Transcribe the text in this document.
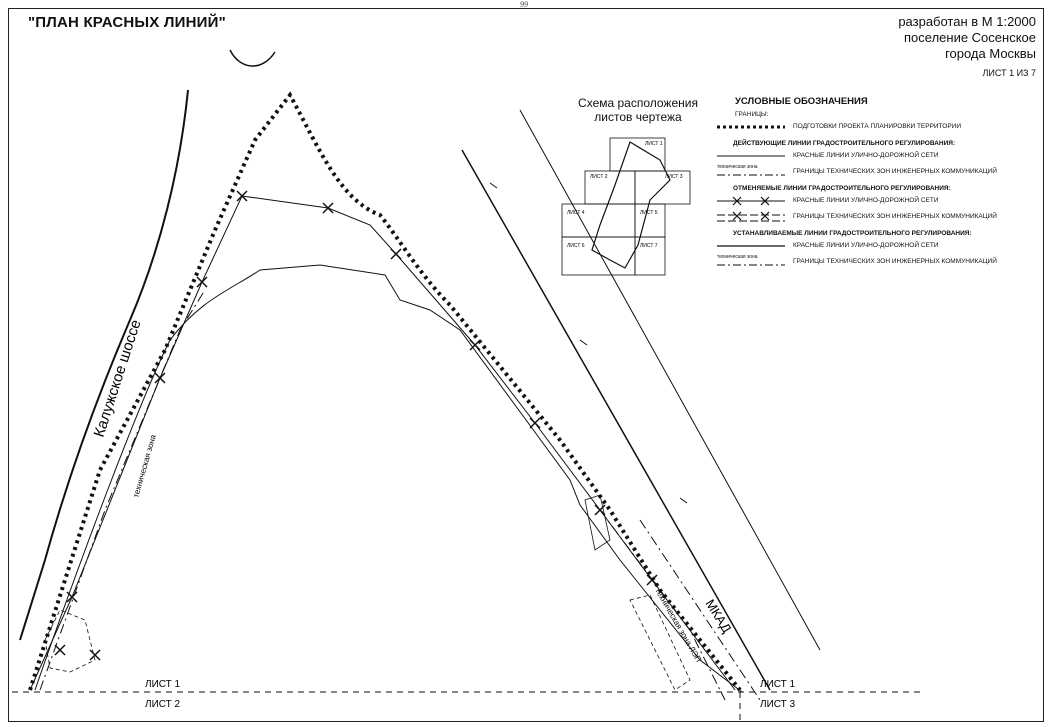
99
"ПЛАН КРАСНЫХ ЛИНИЙ"	разработан в М 1:2000
поселение Сосенское
города Москвы
ЛИСТ 1 ИЗ 7
Калужское шоссе
техническая зона
МКАД
техническая зона ЛЭП
ЛИСТ 1
ЛИСТ 2
ЛИСТ 1
ЛИСТ 3
ЛИСТ 1
ЛИСТ 2	ЛИСТ 3
ЛИСТ 4	ЛИСТ 5
ЛИСТ 6	ЛИСТ 7
Схема расположения
листов чертежа
УСЛОВНЫЕ ОБОЗНАЧЕНИЯ
ГРАНИЦЫ:
ПОДГОТОВКИ ПРОЕКТА ПЛАНИРОВКИ ТЕРРИТОРИИ
ДЕЙСТВУЮЩИЕ ЛИНИИ ГРАДОСТРОИТЕЛЬНОГО РЕГУЛИРОВАНИЯ:
КРАСНЫЕ ЛИНИИ УЛИЧНО-ДОРОЖНОЙ СЕТИ
техническая зона
ГРАНИЦЫ ТЕХНИЧЕСКИХ ЗОН ИНЖЕНЕРНЫХ КОММУНИКАЦИЙ
ОТМЕНЯЕМЫЕ ЛИНИИ ГРАДОСТРОИТЕЛЬНОГО РЕГУЛИРОВАНИЯ:
КРАСНЫЕ ЛИНИИ УЛИЧНО-ДОРОЖНОЙ СЕТИ
ГРАНИЦЫ ТЕХНИЧЕСКИХ ЗОН ИНЖЕНЕРНЫХ КОММУНИКАЦИЙ
УСТАНАВЛИВАЕМЫЕ ЛИНИИ ГРАДОСТРОИТЕЛЬНОГО РЕГУЛИРОВАНИЯ:
КРАСНЫЕ ЛИНИИ УЛИЧНО-ДОРОЖНОЙ СЕТИ
техническая зона
ГРАНИЦЫ ТЕХНИЧЕСКИХ ЗОН ИНЖЕНЕРНЫХ КОММУНИКАЦИЙ
